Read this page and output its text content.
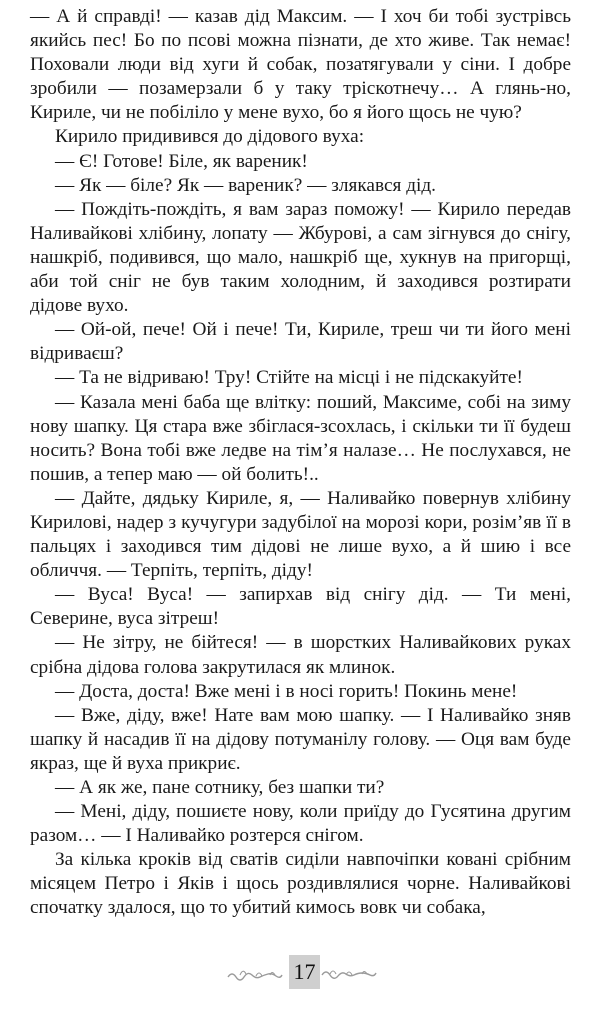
— А й справді! — казав дід Максим. — І хоч би тобі зустрівсь якийсь пес! Бо по псові можна пізнати, де хто живе. Так немає! Поховали люди від хуги й собак, позатягували у сіни. І добре зробили — позамерзали б у таку тріскотнечу… А глянь-но, Кириле, чи не побіліло у мене вухо, бо я його щось не чую?

Кирило придивився до дідового вуха:

— Є! Готове! Біле, як вареник!

— Як — біле? Як — вареник? — злякався дід.

— Пождіть-пождіть, я вам зараз поможу! — Кирило передав Наливайкові хлібину, лопату — Жбурові, а сам зігнувся до снігу, нашкріб, подивився, що мало, нашкріб ще, хукнув на пригорщі, аби той сніг не був таким холодним, й заходився розтирати дідове вухо.

— Ой-ой, пече! Ой і пече! Ти, Кириле, треш чи ти його мені відриваєш?

— Та не відриваю! Тру! Стійте на місці і не підскакуйте!

— Казала мені баба ще влітку: поший, Максиме, собі на зиму нову шапку. Ця стара вже збіглася-зсохлась, і скільки ти її будеш носить? Вона тобі вже ледве на тім’я налазе… Не послухався, не пошив, а тепер маю — ой болить!..

— Дайте, дядьку Кириле, я, — Наливайко повернув хлібину Кирилові, надер з кучугури задубілої на морозі кори, розім’яв її в пальцях і заходився тим дідові не лише вухо, а й шию і все обличчя. — Терпіть, терпіть, діду!

— Вуса! Вуса! — запирхав від снігу дід. — Ти мені, Северине, вуса зітреш!

— Не зітру, не бійтеся! — в шорстких Наливайкових руках срібна дідова голова закрутилася як млинок.

— Доста, доста! Вже мені і в носі горить! Покинь мене!

— Вже, діду, вже! Нате вам мою шапку. — І Наливайко зняв шапку й насадив її на дідову потуманілу голову. — Оця вам буде якраз, ще й вуха прикриє.

— А як же, пане сотнику, без шапки ти?

— Мені, діду, пошиєте нову, коли приїду до Гусятина другим разом… — І Наливайко розтерся снігом.

За кілька кроків від сватів сиділи навпочіпки ковані срібним місяцем Петро і Яків і щось роздивлялися чорне. Наливайкові спочатку здалося, що то убитий кимось вовк чи собака,

17
